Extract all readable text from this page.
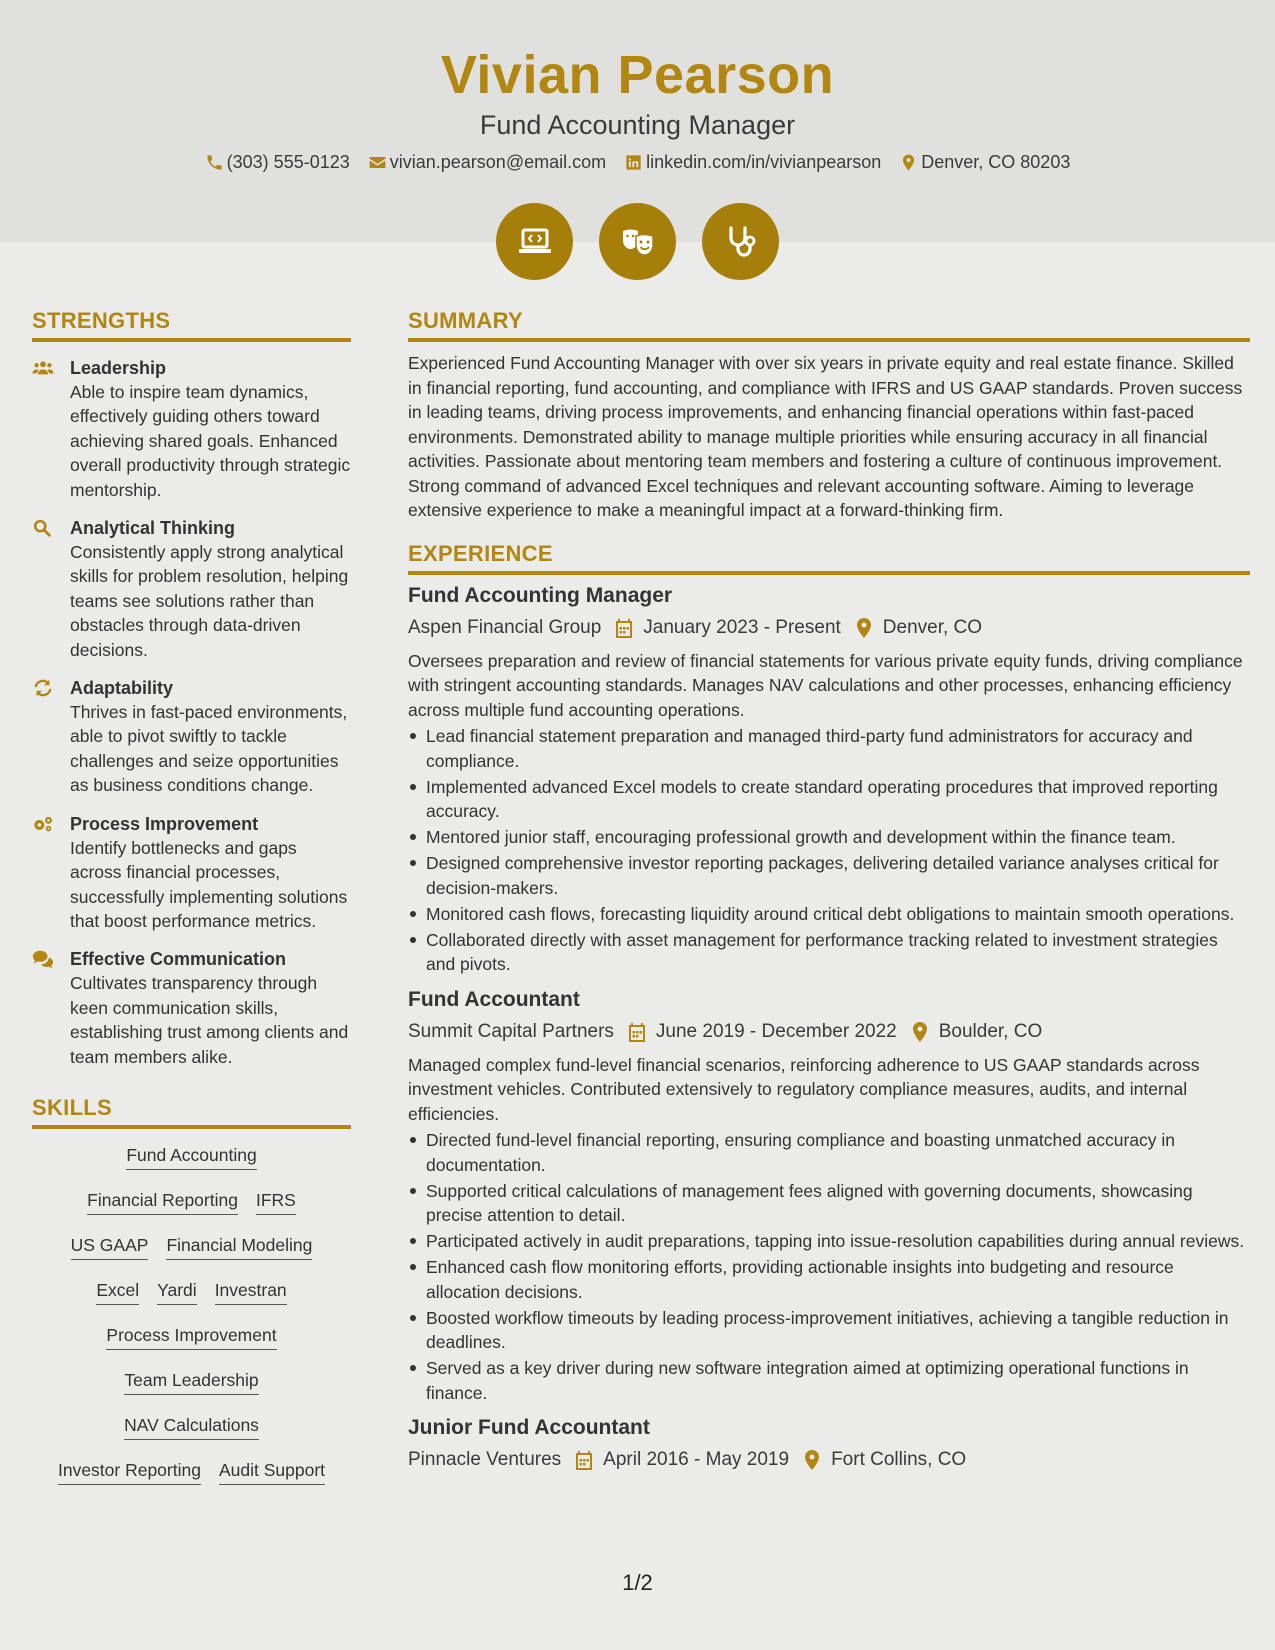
Vivian Pearson
Fund Accounting Manager
(303) 555-0123 vivian.pearson@email.com linkedin.com/in/vivianpearson Denver, CO 80203
STRENGTHS
Leadership
Able to inspire team dynamics, effectively guiding others toward achieving shared goals. Enhanced overall productivity through strategic mentorship.
Analytical Thinking
Consistently apply strong analytical skills for problem resolution, helping teams see solutions rather than obstacles through data-driven decisions.
Adaptability
Thrives in fast-paced environments, able to pivot swiftly to tackle challenges and seize opportunities as business conditions change.
Process Improvement
Identify bottlenecks and gaps across financial processes, successfully implementing solutions that boost performance metrics.
Effective Communication
Cultivates transparency through keen communication skills, establishing trust among clients and team members alike.
SKILLS
Fund Accounting
Financial Reporting IFRS
US GAAP Financial Modeling
Excel Yardi Investran
Process Improvement
Team Leadership
NAV Calculations
Investor Reporting Audit Support
SUMMARY
Experienced Fund Accounting Manager with over six years in private equity and real estate finance. Skilled in financial reporting, fund accounting, and compliance with IFRS and US GAAP standards. Proven success in leading teams, driving process improvements, and enhancing financial operations within fast-paced environments. Demonstrated ability to manage multiple priorities while ensuring accuracy in all financial activities. Passionate about mentoring team members and fostering a culture of continuous improvement. Strong command of advanced Excel techniques and relevant accounting software. Aiming to leverage extensive experience to make a meaningful impact at a forward-thinking firm.
EXPERIENCE
Fund Accounting Manager
Aspen Financial Group January 2023 - Present Denver, CO
Oversees preparation and review of financial statements for various private equity funds, driving compliance with stringent accounting standards. Manages NAV calculations and other processes, enhancing efficiency across multiple fund accounting operations.
Lead financial statement preparation and managed third-party fund administrators for accuracy and compliance.
Implemented advanced Excel models to create standard operating procedures that improved reporting accuracy.
Mentored junior staff, encouraging professional growth and development within the finance team.
Designed comprehensive investor reporting packages, delivering detailed variance analyses critical for decision-makers.
Monitored cash flows, forecasting liquidity around critical debt obligations to maintain smooth operations.
Collaborated directly with asset management for performance tracking related to investment strategies and pivots.
Fund Accountant
Summit Capital Partners June 2019 - December 2022 Boulder, CO
Managed complex fund-level financial scenarios, reinforcing adherence to US GAAP standards across investment vehicles. Contributed extensively to regulatory compliance measures, audits, and internal efficiencies.
Directed fund-level financial reporting, ensuring compliance and boasting unmatched accuracy in documentation.
Supported critical calculations of management fees aligned with governing documents, showcasing precise attention to detail.
Participated actively in audit preparations, tapping into issue-resolution capabilities during annual reviews.
Enhanced cash flow monitoring efforts, providing actionable insights into budgeting and resource allocation decisions.
Boosted workflow timeouts by leading process-improvement initiatives, achieving a tangible reduction in deadlines.
Served as a key driver during new software integration aimed at optimizing operational functions in finance.
Junior Fund Accountant
Pinnacle Ventures April 2016 - May 2019 Fort Collins, CO
1/2
